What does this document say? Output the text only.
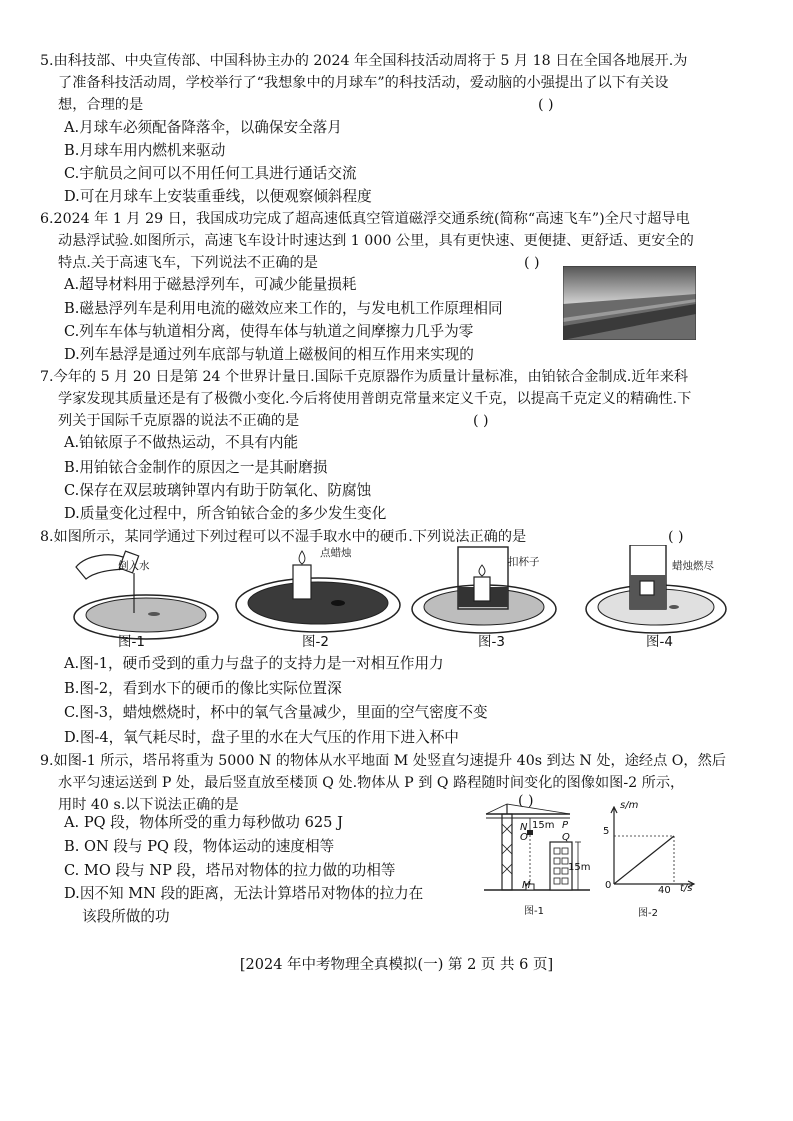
5.由科技部、中央宣传部、中国科协主办的 2024 年全国科技活动周将于 5 月 18 日在全国各地展开.为
了准备科技活动周，学校举行了“我想象中的月球车”的科技活动，爱动脑的小强提出了以下有关设
想，合理的是	( )
A.月球车必须配备降落伞，以确保安全落月
B.月球车用内燃机来驱动
C.宇航员之间可以不用任何工具进行通话交流
D.可在月球车上安装重垂线，以便观察倾斜程度
6.2024 年 1 月 29 日，我国成功完成了超高速低真空管道磁浮交通系统(简称“高速飞车”)全尺寸超导电
动悬浮试验.如图所示，高速飞车设计时速达到 1 000 公里，具有更快速、更便捷、更舒适、更安全的
特点.关于高速飞车，下列说法不正确的是	( )
A.超导材料用于磁悬浮列车，可减少能量损耗
B.磁悬浮列车是利用电流的磁效应来工作的，与发电机工作原理相同
C.列车车体与轨道相分离，使得车体与轨道之间摩擦力几乎为零
D.列车悬浮是通过列车底部与轨道上磁极间的相互作用来实现的
7.今年的 5 月 20 日是第 24 个世界计量日.国际千克原器作为质量计量标准，由铂铱合金制成.近年来科
学家发现其质量还是有了极微小变化.今后将使用普朗克常量来定义千克，以提高千克定义的精确性.下
列关于国际千克原器的说法不正确的是	( )
A.铂铱原子不做热运动，不具有内能
B.用铂铱合金制作的原因之一是其耐磨损
C.保存在双层玻璃钟罩内有助于防氧化、防腐蚀
D.质量变化过程中，所含铂铱合金的多少发生变化
8.如图所示，某同学通过下列过程可以不湿手取水中的硬币.下列说法正确的是	( )
倒入水
点蜡烛
扣杯子	蜡烛燃尽
图-1	图-2	图-3	图-4
A.图-1，硬币受到的重力与盘子的支持力是一对相互作用力
B.图-2，看到水下的硬币的像比实际位置深
C.图-3，蜡烛燃烧时，杯中的氧气含量减少，里面的空气密度不变
D.图-4，氧气耗尽时，盘子里的水在大气压的作用下进入杯中
9.如图-1 所示，塔吊将重为 5000 N 的物体从水平地面 M 处竖直匀速提升 40s 到达 N 处，途经点 O，然后
水平匀速运送到 P 处，最后竖直放至楼顶 Q 处.物体从 P 到 Q 路程随时间变化的图像如图-2 所示，
用时 40 s.以下说法正确的是	( )
A. PQ 段，物体所受的重力每秒做功 625 J
B. ON 段与 PQ 段，物体运动的速度相等
C. MO 段与 NP 段，塔吊对物体的拉力做的功相等
D.因不知 MN 段的距离，无法计算塔吊对物体的拉力在
该段所做的功
15m P
Q
O
N
M
15m
图-1
s/m
5
0	40 t/s
图-2
[2024 年中考物理全真模拟(一) 第 2 页 共 6 页]
